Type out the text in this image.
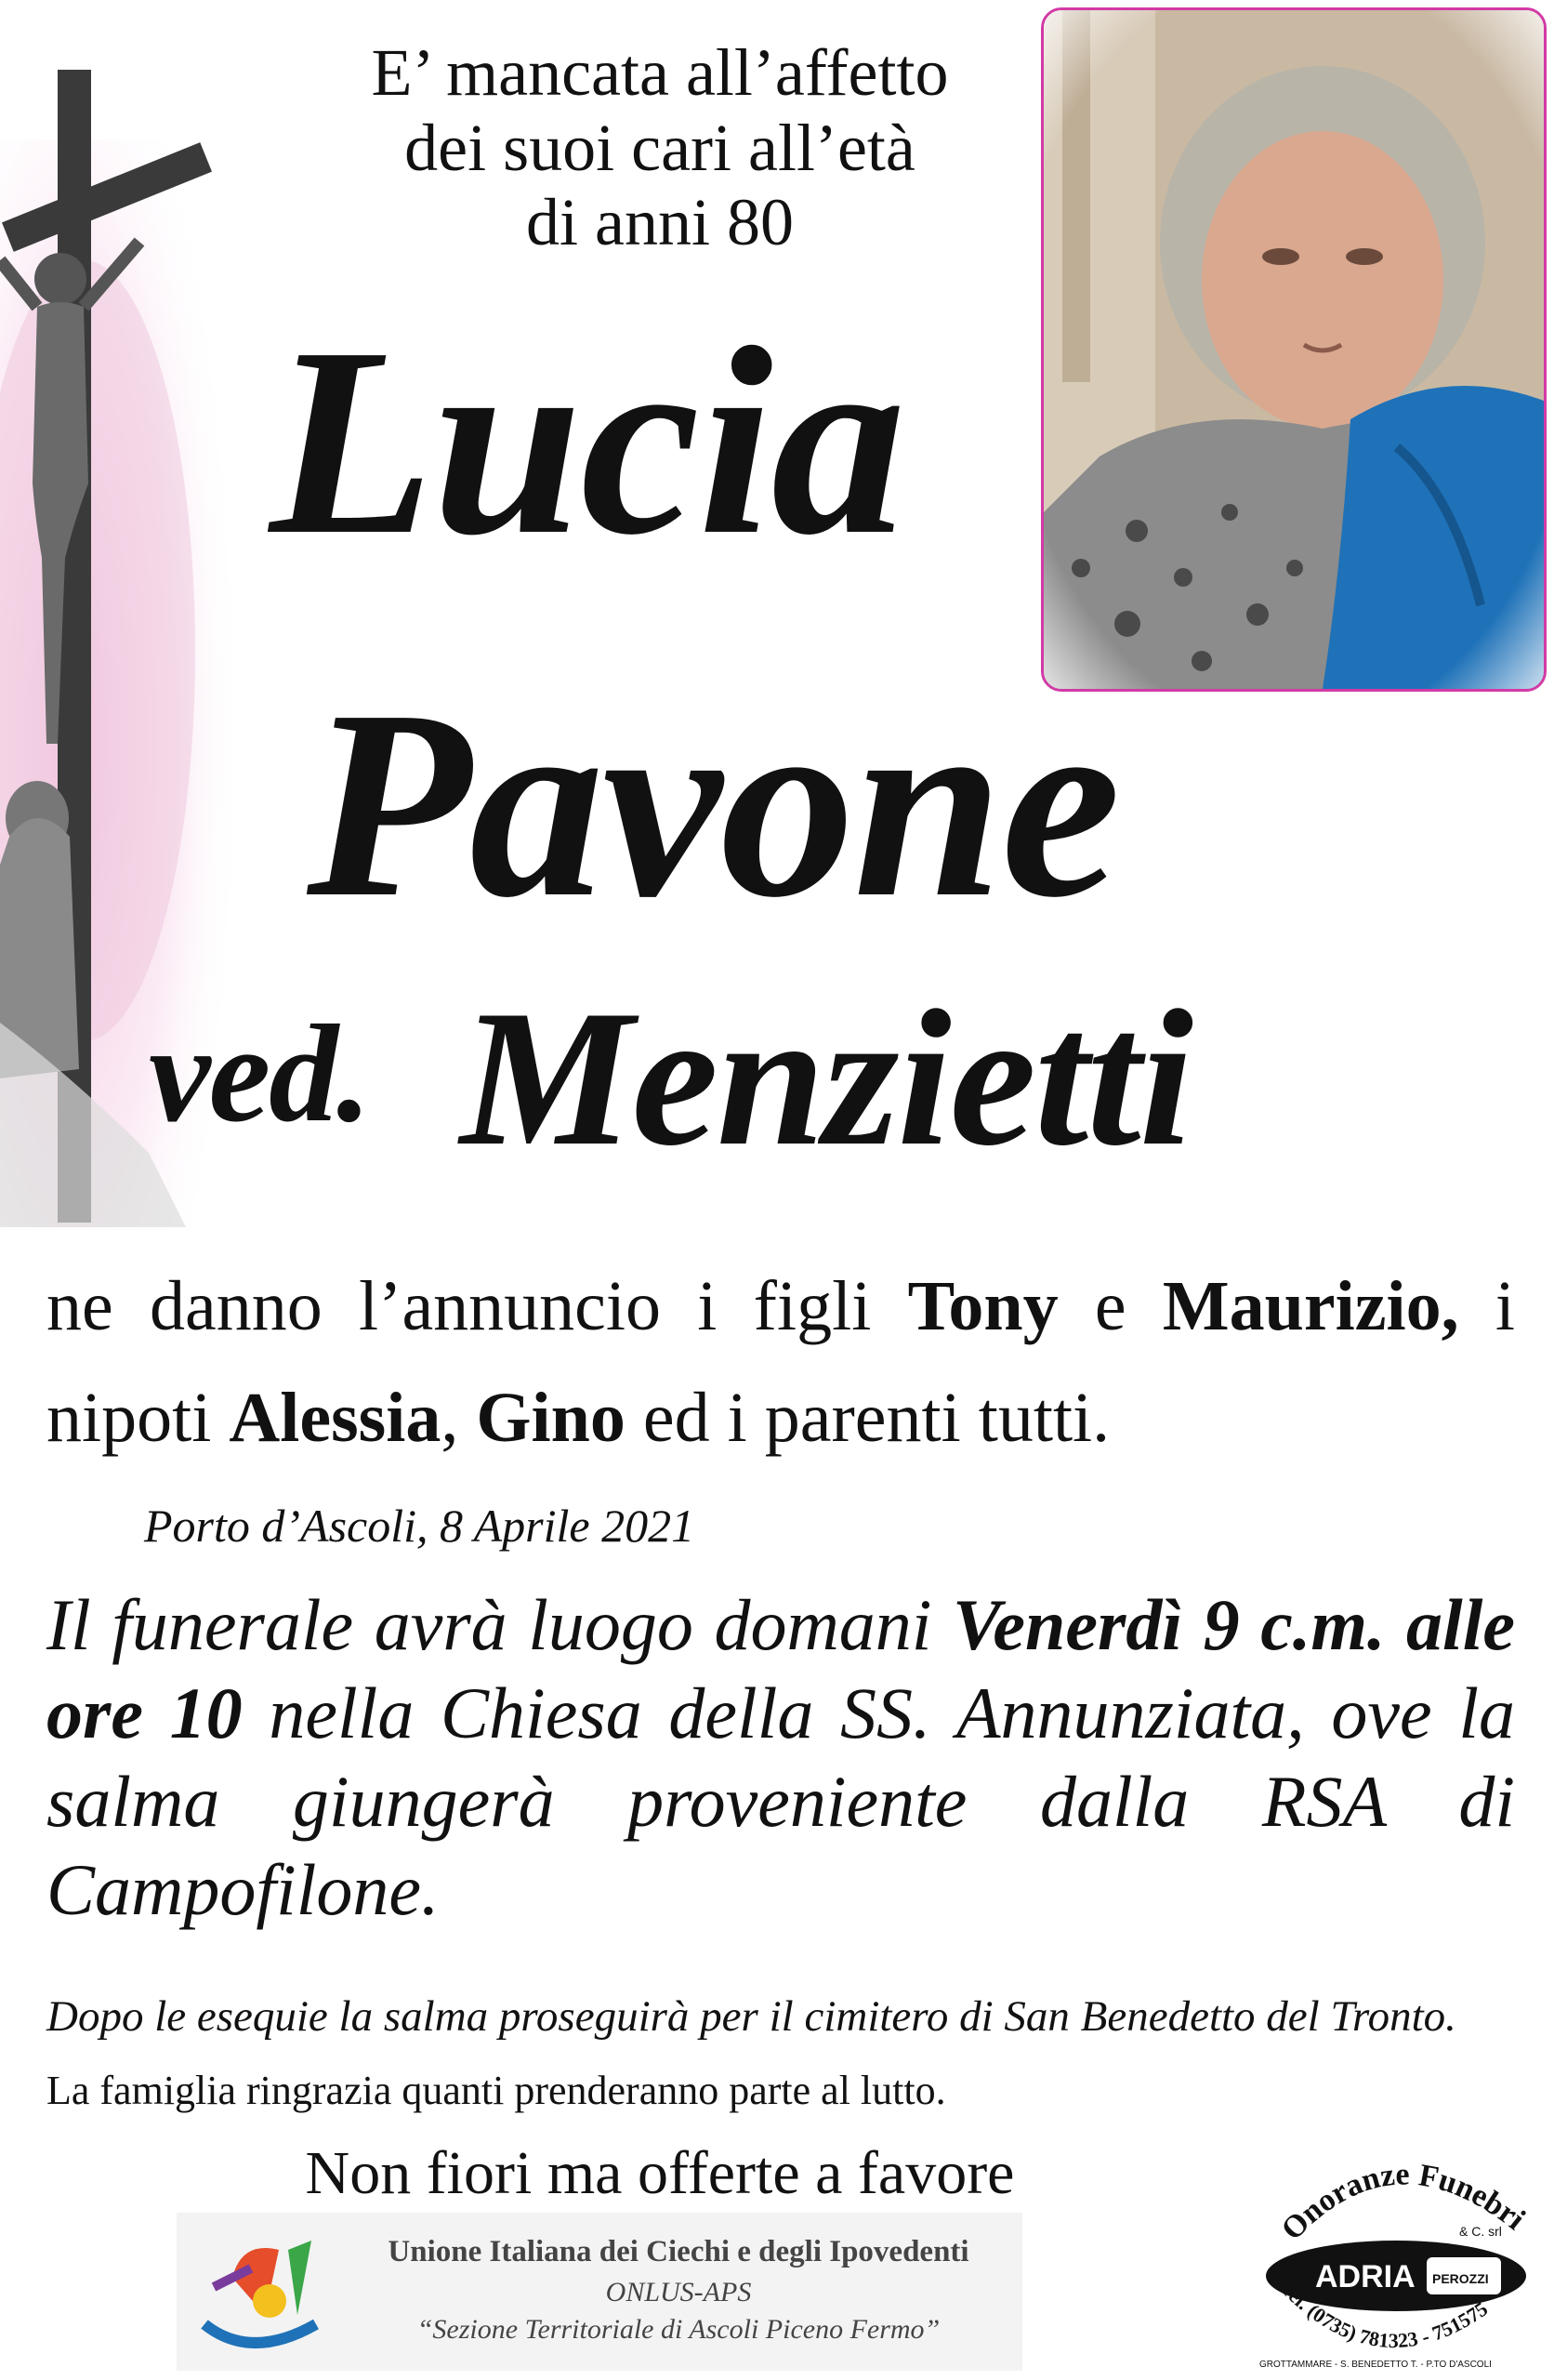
E’ mancata all’affetto
dei suoi cari all’età
di anni 80
Lucia
Pavone
ved. Menzietti
ne danno l’annuncio i figli Tony e Maurizio, i nipoti Alessia, Gino ed i parenti tutti.
Porto d’Ascoli, 8 Aprile 2021
Il funerale avrà luogo domani Venerdì 9 c.m. alle ore 10 nella Chiesa della SS. Annunziata, ove la salma giungerà proveniente dalla RSA di Campofilone.
Dopo le esequie la salma proseguirà per il cimitero di San Benedetto del Tronto.
La famiglia ringrazia quanti prenderanno parte al lutto.
Non fiori ma offerte a favore
Unione Italiana dei Ciechi e degli Ipovedenti
ONLUS-APS
“Sezione Territoriale di Ascoli Piceno Fermo”
Onoranze Funebri
ADRIA PEROZZI
& C. srl
Tel. (0735) 781323 - 751575
GROTTAMMARE - S. BENEDETTO T. - P.TO D'ASCOLI
